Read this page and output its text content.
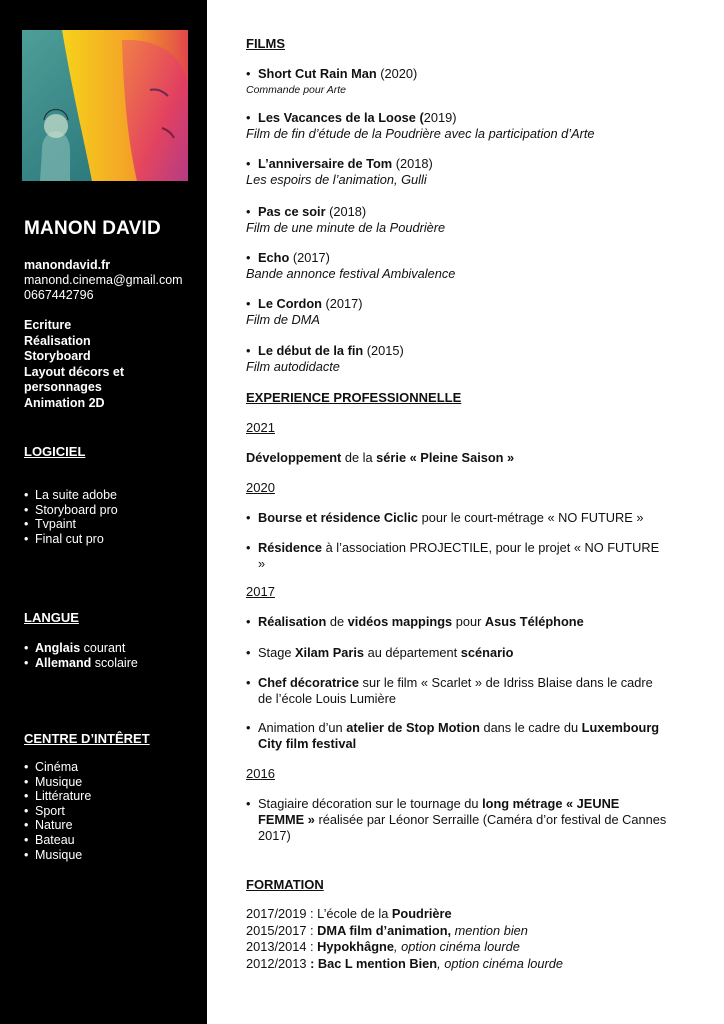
MANON DAVID
manondavid.fr
manond.cinema@gmail.com
0667442796
Ecriture
Réalisation
Storyboard
Layout décors et
personnages
Animation 2D
LOGICIEL
• La suite adobe
• Storyboard pro
• Tvpaint
• Final cut pro
LANGUE
• Anglais courant
• Allemand scolaire
CENTRE D’INTÊRET
• Cinéma
• Musique
• Littérature
• Sport
• Nature
• Bateau
• Musique
FILMS
• Short Cut Rain Man (2020)
Commande pour Arte
• Les Vacances de la Loose (2019)
Film de fin d’étude de la Poudrière avec la participation d’Arte
• L’anniversaire de Tom (2018)
Les espoirs de l’animation, Gulli
• Pas ce soir (2018)
Film de une minute de la Poudrière
• Echo (2017)
Bande annonce festival Ambivalence
• Le Cordon (2017)
Film de DMA
• Le début de la fin (2015)
Film autodidacte
EXPERIENCE PROFESSIONNELLE
2021
Développement de la série « Pleine Saison »
2020
• Bourse et résidence Ciclic pour le court-métrage « NO FUTURE »
• Résidence à l’association PROJECTILE, pour le projet « NO FUTURE »
2017
• Réalisation de vidéos mappings pour Asus Téléphone
• Stage Xilam Paris au département scénario
• Chef décoratrice sur le film « Scarlet » de Idriss Blaise dans le cadre de l’école Louis Lumière
• Animation d’un atelier de Stop Motion dans le cadre du Luxembourg City film festival
2016
• Stagiaire décoration sur le tournage du long métrage « JEUNE FEMME » réalisée par Léonor Serraille (Caméra d’or festival de Cannes 2017)
FORMATION
2017/2019 : L’école de la Poudrière
2015/2017 : DMA film d’animation, mention bien
2013/2014 : Hypokhâgne, option cinéma lourde
2012/2013 : Bac L mention Bien, option cinéma lourde
